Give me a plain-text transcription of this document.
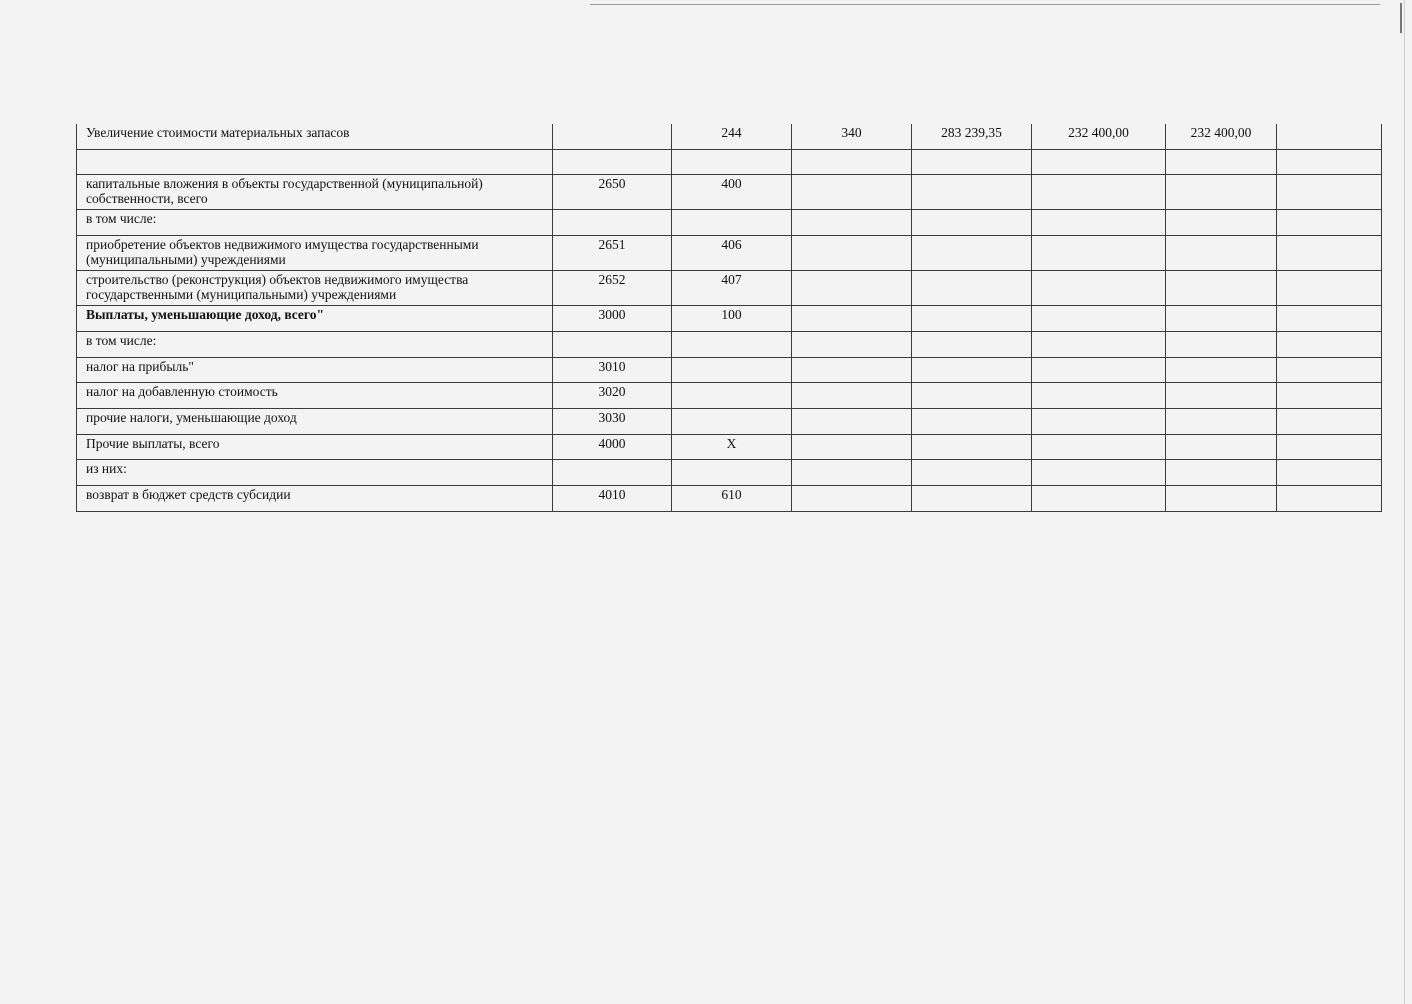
Увеличение стоимости материальных запасов		244	340	283 239,35	232 400,00	232 400,00	

капитальные вложения в объекты государственной (муниципальной) собственности, всего	2650	400					
в том числе:							
приобретение объектов недвижимого имущества государственными (муниципальными) учреждениями	2651	406					
строительство (реконструкция) объектов недвижимого имущества государственными (муниципальными) учреждениями	2652	407					
Выплаты, уменьшающие доход, всего"	3000	100					
в том числе:							
налог на прибыль"	3010						
налог на добавленную стоимость	3020						
прочие налоги, уменьшающие доход	3030						
Прочие выплаты, всего	4000	Х					
из них:							
возврат в бюджет средств субсидии	4010	610					
